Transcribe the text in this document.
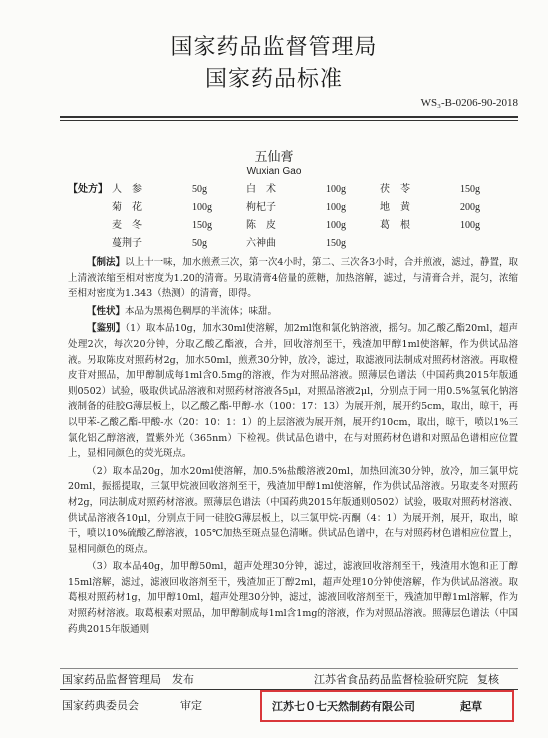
国家药品监督管理局
国家药品标准
WS₃-B-0206-90-2018
五仙膏
Wuxian Gao
【处方】 人　参	50g	白　术	100g	茯　苓	150g
菊　花	100g	枸杞子	100g	地　黄	200g
麦　冬	150g	陈　皮	100g	葛　根	100g
蔓荆子	50g	六神曲	150g

【制法】以上十一味，加水煎煮三次，第一次4小时，第二、三次各3小时，合并煎液，滤过，静置，取上清液浓缩至相对密度为1.20的清膏。另取清膏4倍量的蔗糖，加热溶解，滤过，与清膏合并，混匀，浓缩至相对密度为1.343（热测）的清膏，即得。

【性状】本品为黑褐色稠厚的半流体；味甜。

【鉴别】（1）取本品10g，加水30ml使溶解，加2ml饱和氯化钠溶液，摇匀。加乙酸乙酯20ml，超声处理2次，每次20分钟，分取乙酸乙酯液，合并，回收溶剂至干，残渣加甲醇1ml使溶解，作为供试品溶液。另取陈皮对照药材2g，加水50ml，煎煮30分钟，放冷，滤过，取滤液同法制成对照药材溶液。再取橙皮苷对照品，加甲醇制成每1ml含0.5mg的溶液，作为对照品溶液。照薄层色谱法（中国药典2015年版通则0502）试验，吸取供试品溶液和对照药材溶液各5μl，对照品溶液2μl，分别点于同一用0.5%氢氧化钠溶液制备的硅胶G薄层板上，以乙酸乙酯-甲醇-水（100：17：13）为展开剂，展开约5cm，取出，晾干，再以甲苯-乙酸乙酯-甲酸-水（20：10：1：1）的上层溶液为展开剂，展开约10cm，取出，晾干，喷以1%三氯化铝乙醇溶液，置紫外光（365nm）下检视。供试品色谱中，在与对照药材色谱和对照品色谱相应位置上，显相同颜色的荧光斑点。

（2）取本品20g，加水20ml使溶解，加0.5%盐酸溶液20ml，加热回流30分钟，放冷，加三氯甲烷20ml，振摇提取，三氯甲烷液回收溶剂至干，残渣加甲醇1ml使溶解，作为供试品溶液。另取麦冬对照药材2g，同法制成对照药材溶液。照薄层色谱法（中国药典2015年版通则0502）试验，吸取对照药材溶液、供试品溶液各10μl，分别点于同一硅胶G薄层板上，以三氯甲烷-丙酮（4：1）为展开剂，展开，取出，晾干，喷以10%硫酸乙醇溶液，105℃加热至斑点显色清晰。供试品色谱中，在与对照药材色谱相应位置上，显相同颜色的斑点。

（3）取本品40g，加甲醇50ml，超声处理30分钟，滤过，滤液回收溶剂至干，残渣用水饱和正丁醇15ml溶解，滤过，滤液回收溶剂至干，残渣加正丁醇2ml，超声处理10分钟使溶解，作为供试品溶液。取葛根对照药材1g，加甲醇10ml，超声处理30分钟，滤过，滤液回收溶剂至干，残渣加甲醇1ml溶解，作为对照药材溶液。取葛根素对照品，加甲醇制成每1ml含1mg的溶液，作为对照品溶液。照薄层色谱法（中国药典2015年版通则

国家药品监督管理局　发布	江苏省食品药品监督检验研究院 复核
国家药典委员会	审定	江苏七０七天然制药有限公司	起草
